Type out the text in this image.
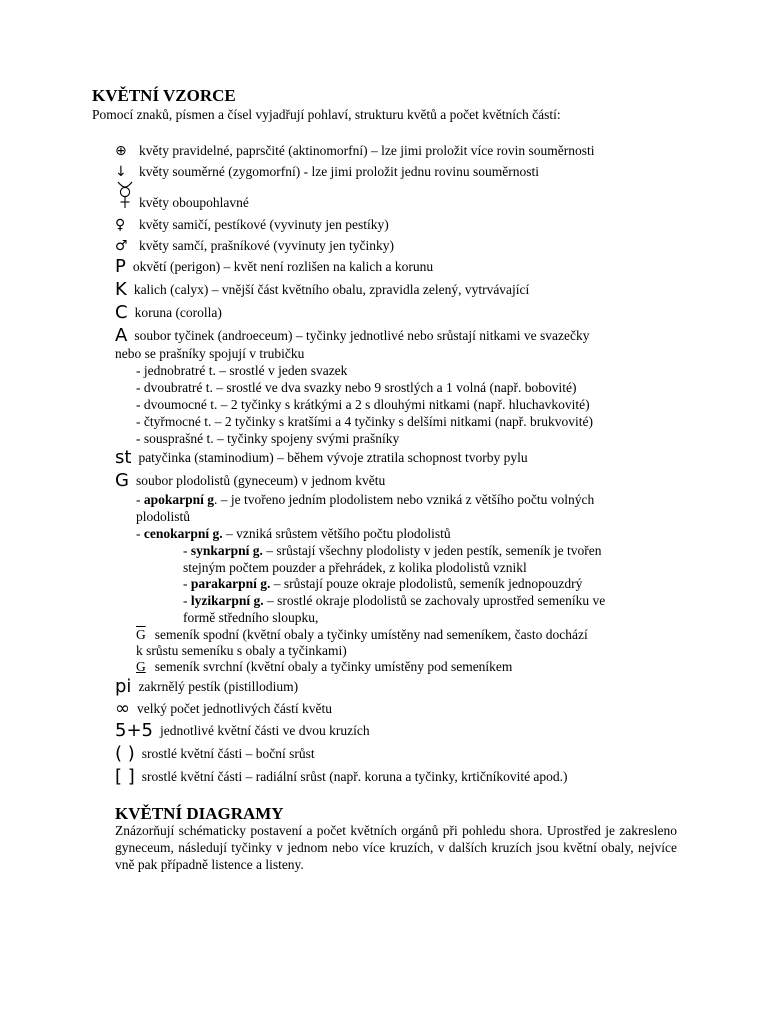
KVĚTNÍ VZORCE
Pomocí znaků, písmen a čísel vyjadřují pohlaví, strukturu květů a počet květních částí:
⊕ květy pravidelné, paprsčité (aktinomorfní) – lze jimi proložit více rovin souměrnosti
↓ květy souměrné (zygomorfní) - lze jimi proložit jednu rovinu souměrnosti
květy oboupohlavné
♀ květy samičí, pestíkové (vyvinuty jen pestíky)
♂ květy samčí, prašníkové (vyvinuty jen tyčinky)
P okvětí (perigon) – květ není rozlišen na kalich a korunu
K kalich (calyx) – vnější část květního obalu, zpravidla zelený, vytrvávající
C koruna (corolla)
A soubor tyčinek (androeceum) – tyčinky jednotlivé nebo srůstají nitkami ve svazečky
nebo se prašníky spojují v trubičku
- jednobratré t. – srostlé v jeden svazek
- dvoubratré t. – srostlé ve dva svazky nebo 9 srostlých a 1 volná (např. bobovité)
- dvoumocné t. – 2 tyčinky s krátkými a 2 s dlouhými nitkami (např. hluchavkovité)
- čtyřmocné t. – 2 tyčinky s kratšími a 4 tyčinky s delšími nitkami (např. brukvovité)
- sousprašné t. – tyčinky spojeny svými prašníky
st patyčinka (staminodium) – během vývoje ztratila schopnost tvorby pylu
G soubor plodolistů (gyneceum) v jednom květu
- apokarpní g. – je tvořeno jedním plodolistem nebo vzniká z většího počtu volných
plodolistů
- cenokarpní g. – vzniká srůstem většího počtu plodolistů
- synkarpní g. – srůstají všechny plodolisty v jeden pestík, semeník je tvořen
stejným počtem pouzder a přehrádek, z kolika plodolistů vznikl
- parakarpní g. – srůstají pouze okraje plodolistů, semeník jednopouzdrý
- lyzikarpní g. – srostlé okraje plodolistů se zachovaly uprostřed semeníku ve
formě středního sloupku,
$\overline{G}$ semeník spodní (květní obaly a tyčinky umístěny nad semeníkem, často dochází
k srůstu semeníku s obaly a tyčinkami)
G semeník svrchní (květní obaly a tyčinky umístěny pod semeníkem
pi zakrnělý pestík (pistillodium)
∞ velký počet jednotlivých částí květu
5+5 jednotlivé květní části ve dvou kruzích
( ) srostlé květní části – boční srůst
[ ] srostlé květní části – radiální srůst (např. koruna a tyčinky, krtičníkovité apod.)
KVĚTNÍ DIAGRAMY
Znázorňují schématicky postavení a počet květních orgánů při pohledu shora. Uprostřed je zakresleno gyneceum, následují tyčinky v jednom nebo více kruzích, v dalších kruzích jsou květní obaly, nejvíce vně pak případně listence a listeny.
